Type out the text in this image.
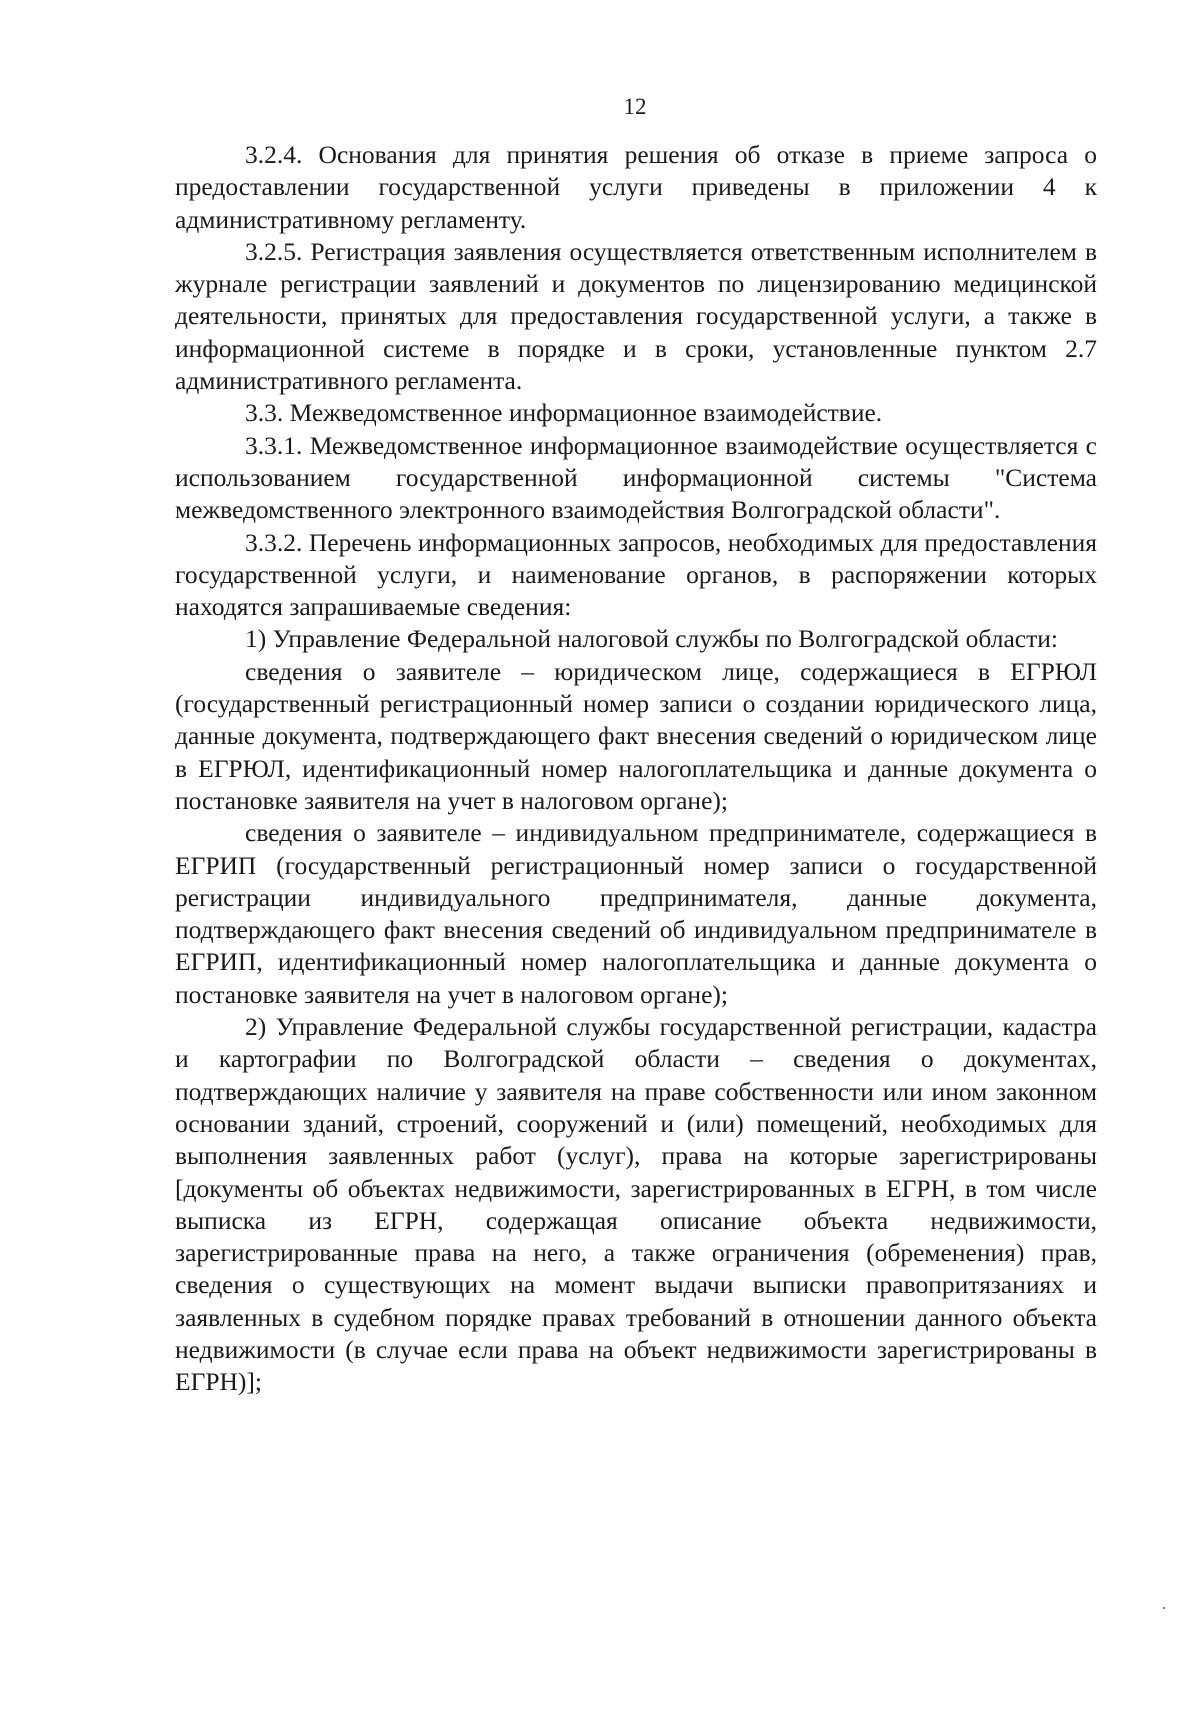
12

3.2.4. Основания для принятия решения об отказе в приеме запроса о предоставлении государственной услуги приведены в приложении 4 к административному регламенту.

3.2.5. Регистрация заявления осуществляется ответственным исполнителем в журнале регистрации заявлений и документов по лицензированию медицинской деятельности, принятых для предоставления государственной услуги, а также в информационной системе в порядке и в сроки, установленные пунктом 2.7 административного регламента.

3.3. Межведомственное информационное взаимодействие.

3.3.1. Межведомственное информационное взаимодействие осуществляется с использованием государственной информационной системы "Система межведомственного электронного взаимодействия Волгоградской области".

3.3.2. Перечень информационных запросов, необходимых для предоставления государственной услуги, и наименование органов, в распоряжении которых находятся запрашиваемые сведения:

1) Управление Федеральной налоговой службы по Волгоградской области:

сведения о заявителе – юридическом лице, содержащиеся в ЕГРЮЛ (государственный регистрационный номер записи о создании юридического лица, данные документа, подтверждающего факт внесения сведений о юридическом лице в ЕГРЮЛ, идентификационный номер налогоплательщика и данные документа о постановке заявителя на учет в налоговом органе);

сведения о заявителе – индивидуальном предпринимателе, содержащиеся в ЕГРИП (государственный регистрационный номер записи о государственной регистрации индивидуального предпринимателя, данные документа, подтверждающего факт внесения сведений об индивидуальном предпринимателе в ЕГРИП, идентификационный номер налогоплательщика и данные документа о постановке заявителя на учет в налоговом органе);

2) Управление Федеральной службы государственной регистрации, кадастра и картографии по Волгоградской области – сведения о документах, подтверждающих наличие у заявителя на праве собственности или ином законном основании зданий, строений, сооружений и (или) помещений, необходимых для выполнения заявленных работ (услуг), права на которые зарегистрированы [документы об объектах недвижимости, зарегистрированных в ЕГРН, в том числе выписка из ЕГРН, содержащая описание объекта недвижимости, зарегистрированные права на него, а также ограничения (обременения) прав, сведения о существующих на момент выдачи выписки правопритязаниях и заявленных в судебном порядке правах требований в отношении данного объекта недвижимости (в случае если права на объект недвижимости зарегистрированы в ЕГРН)];
